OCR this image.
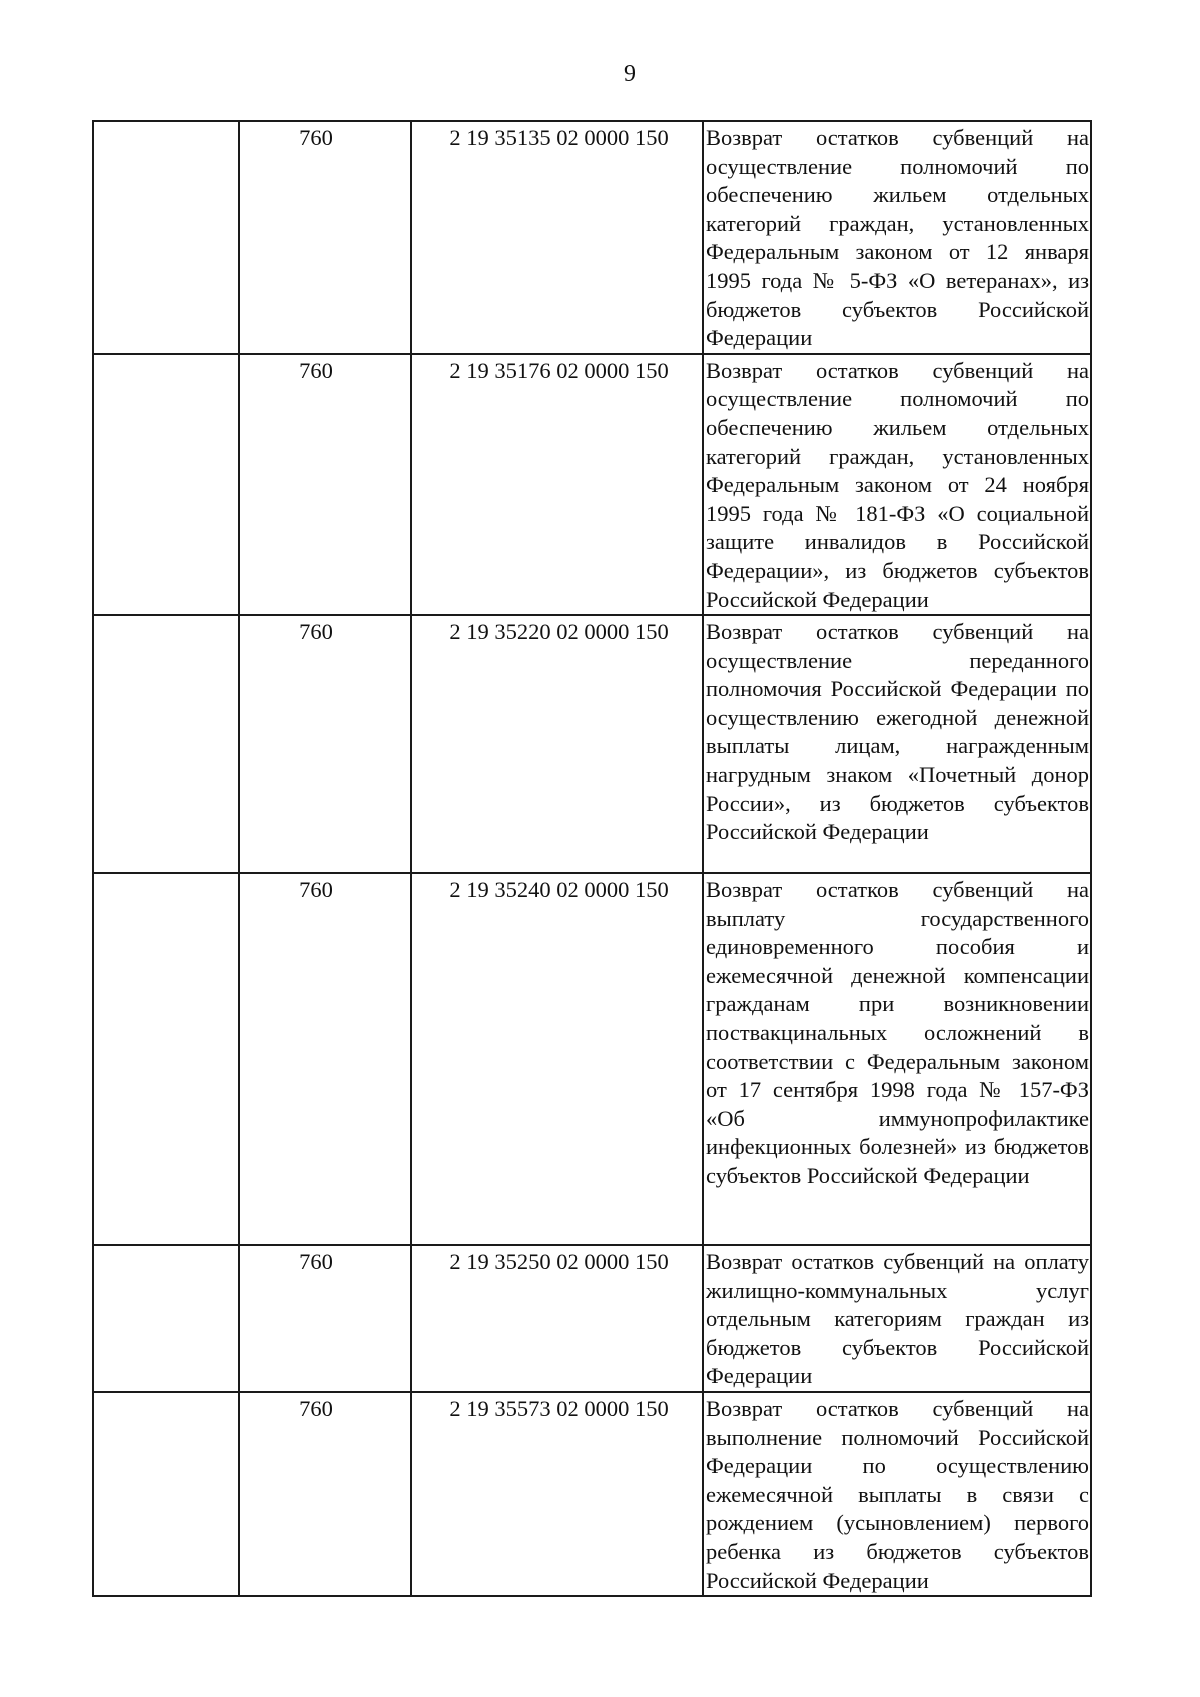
9
	760	2 19 35135 02 0000 150	Возврат остатков субвенций на осуществление полномочий по обеспечению жильем отдельных категорий граждан, установленных Федеральным законом от 12 января 1995 года № 5-ФЗ «О ветеранах», из бюджетов субъектов Российской Федерации
	760	2 19 35176 02 0000 150	Возврат остатков субвенций на осуществление полномочий по обеспечению жильем отдельных категорий граждан, установленных Федеральным законом от 24 ноября 1995 года № 181-ФЗ «О социальной защите инвалидов в Российской Федерации», из бюджетов субъектов Российской Федерации
	760	2 19 35220 02 0000 150	Возврат остатков субвенций на осуществление переданного полномочия Российской Федерации по осуществлению ежегодной денежной выплаты лицам, награжденным нагрудным знаком «Почетный донор России», из бюджетов субъектов Российской Федерации
	760	2 19 35240 02 0000 150	Возврат остатков субвенций на выплату государственного единовременного пособия и ежемесячной денежной компенсации гражданам при возникновении поствакцинальных осложнений в соответствии с Федеральным законом от 17 сентября 1998 года № 157-ФЗ «Об иммунопрофилактике инфекционных болезней» из бюджетов субъектов Российской Федерации
	760	2 19 35250 02 0000 150	Возврат остатков субвенций на оплату жилищно-коммунальных услуг отдельным категориям граждан из бюджетов субъектов Российской Федерации
	760	2 19 35573 02 0000 150	Возврат остатков субвенций на выполнение полномочий Российской Федерации по осуществлению ежемесячной выплаты в связи с рождением (усыновлением) первого ребенка из бюджетов субъектов Российской Федерации
